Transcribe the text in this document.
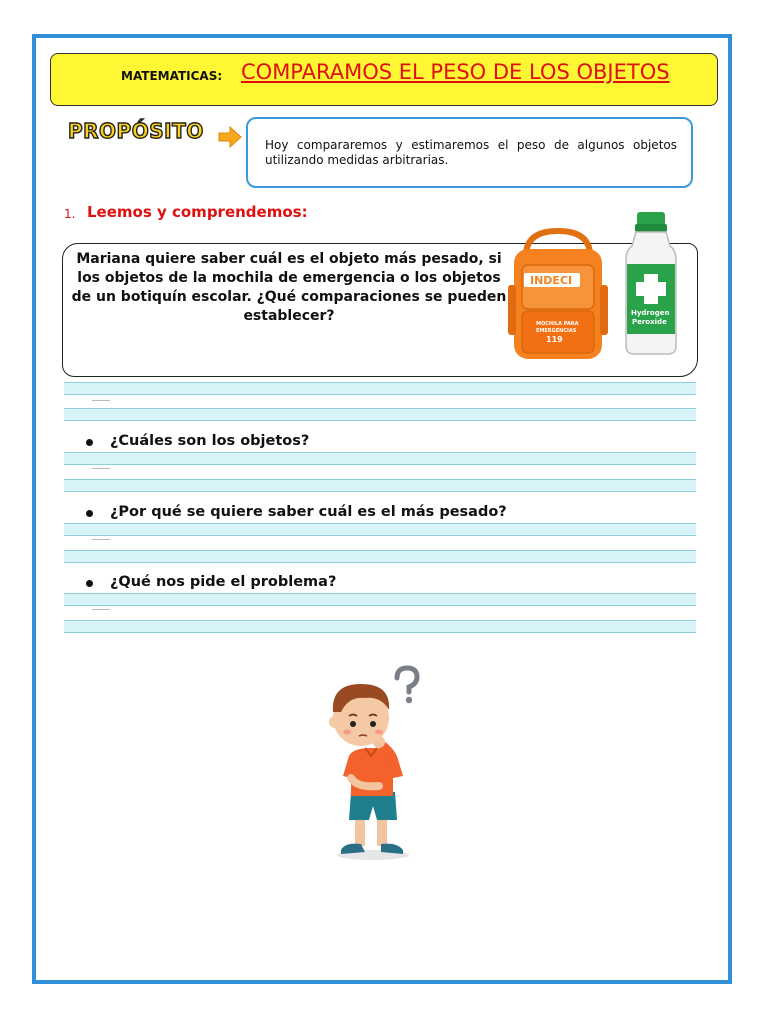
MATEMATICAS: COMPARAMOS EL PESO DE LOS OBJETOS
PROPÓSITO
Hoy compararemos y estimaremos el peso de algunos objetos utilizando medidas arbitrarias.
1. Leemos y comprendemos:
Mariana quiere saber cuál es el objeto más pesado, si los objetos de la mochila de emergencia o los objetos de un botiquín escolar. ¿Qué comparaciones se pueden establecer?
INDECI
MOCHILA PARA
EMERGENCIAS
119
Hydrogen
Peroxide
¿Cuáles son los objetos?
¿Por qué se quiere saber cuál es el más pesado?
¿Qué nos pide el problema?
